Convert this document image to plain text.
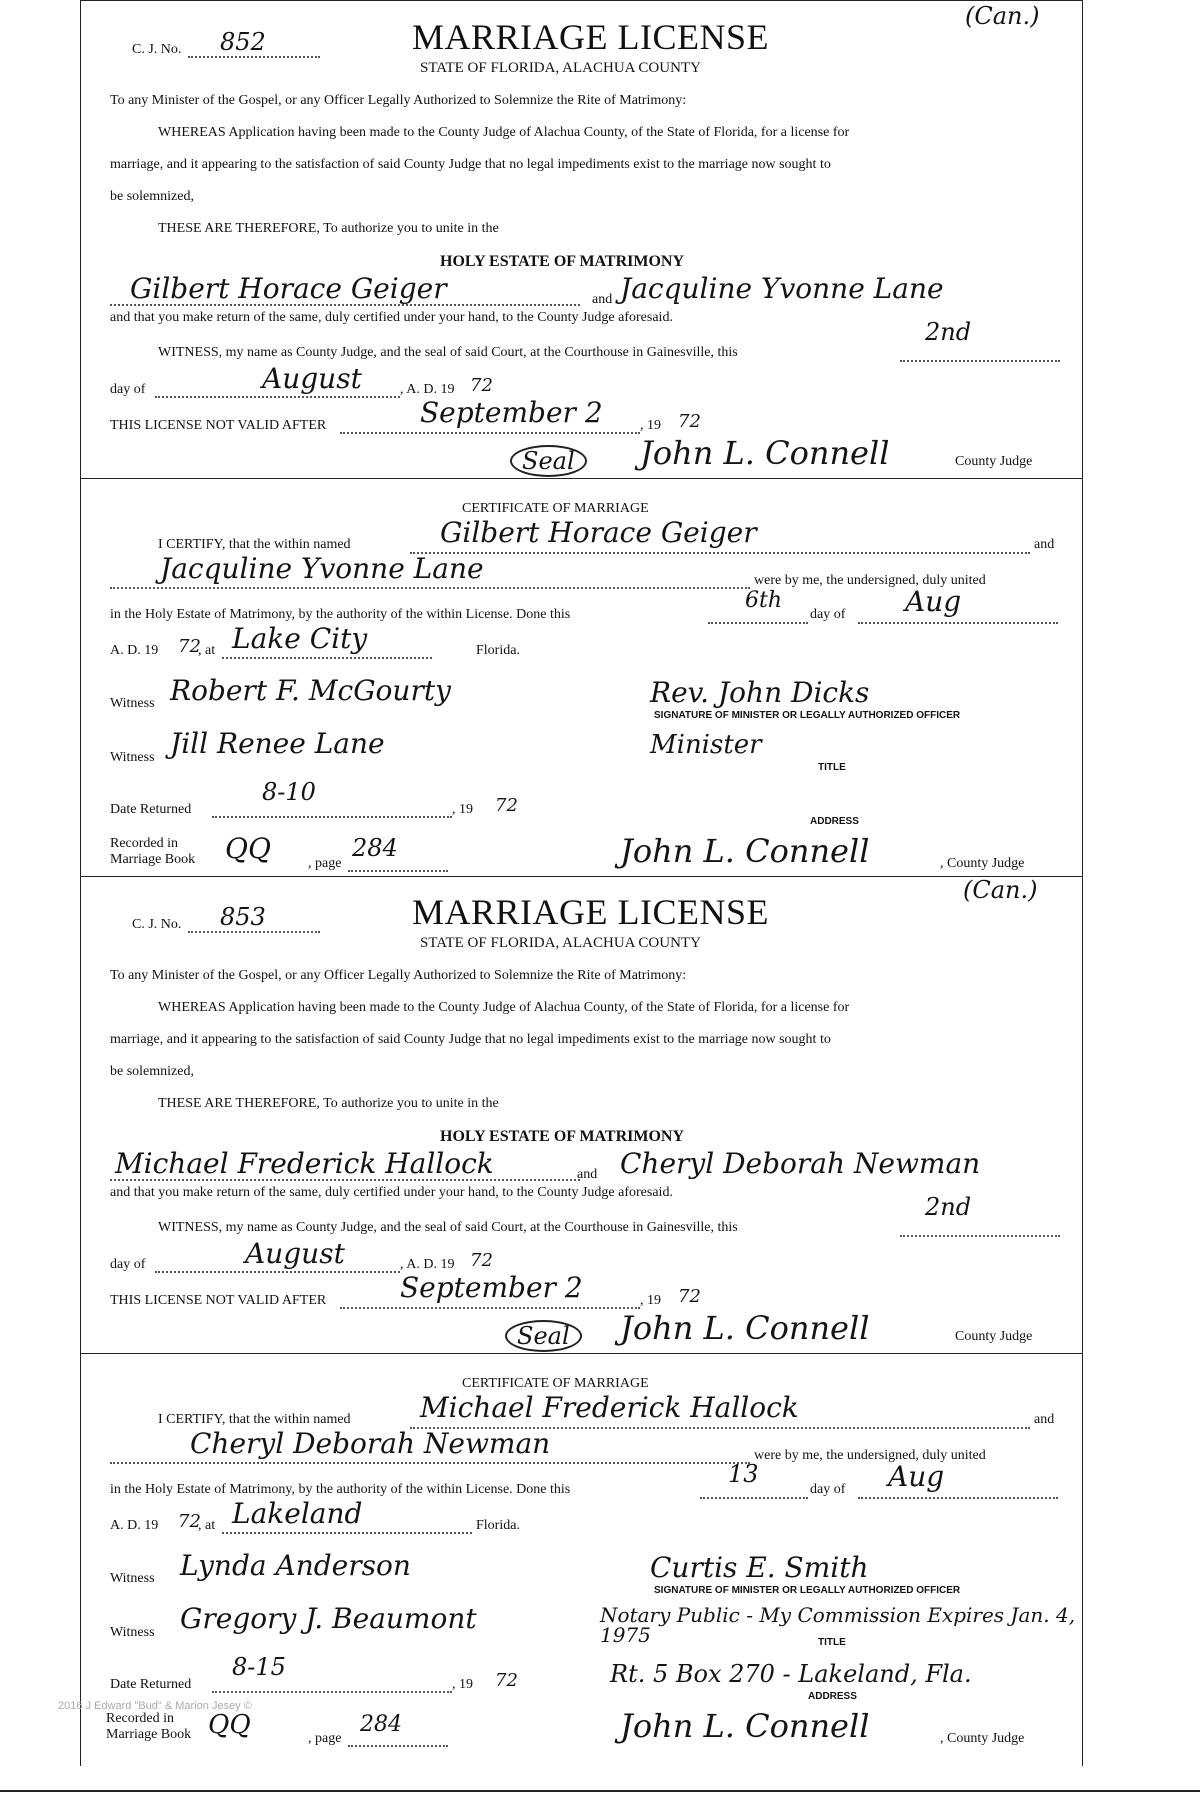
(Can.)
(Can.)
C. J. No. 852	MARRIAGE LICENSE
STATE OF FLORIDA, ALACHUA COUNTY
To any Minister of the Gospel, or any Officer Legally Authorized to Solemnize the Rite of Matrimony:
WHEREAS Application having been made to the County Judge of Alachua County, of the State of Florida, for a license for
marriage, and it appearing to the satisfaction of said County Judge that no legal impediments exist to the marriage now sought to
be solemnized,
THESE ARE THEREFORE, To authorize you to unite in the
HOLY ESTATE OF MATRIMONY
Gilbert Horace Geiger	and Jacquline Yvonne Lane
and that you make return of the same, duly certified under your hand, to the County Judge aforesaid.
WITNESS, my name as County Judge, and the seal of said Court, at the Courthouse in Gainesville, this
2nd
day of	August	, A. D. 19 72
THIS LICENSE NOT VALID AFTER	September 2	, 19 72
Seal	John L. Connell	County Judge
CERTIFICATE OF MARRIAGE
I CERTIFY, that the within named	Gilbert Horace Geiger	and
Jacquline Yvonne Lane	were by me, the undersigned, duly united
in the Holy Estate of Matrimony, by the authority of the within License. Done this
6th
day of Aug
A. D. 19 72
, at Lake City	Florida.
Witness Robert F. McGourty	Rev. John Dicks
SIGNATURE OF MINISTER OR LEGALLY AUTHORIZED OFFICER
Witness Jill Renee Lane	Minister
TITLE
Date Returned
8-10
, 19 72
ADDRESS
Recorded in
Marriage Book QQ	, page
284	John L. Connell	, County Judge
C. J. No. 853	MARRIAGE LICENSE
STATE OF FLORIDA, ALACHUA COUNTY
To any Minister of the Gospel, or any Officer Legally Authorized to Solemnize the Rite of Matrimony:
WHEREAS Application having been made to the County Judge of Alachua County, of the State of Florida, for a license for
marriage, and it appearing to the satisfaction of said County Judge that no legal impediments exist to the marriage now sought to
be solemnized,
THESE ARE THEREFORE, To authorize you to unite in the
HOLY ESTATE OF MATRIMONY
Michael Frederick Hallock	and Cheryl Deborah Newman
and that you make return of the same, duly certified under your hand, to the County Judge aforesaid.
WITNESS, my name as County Judge, and the seal of said Court, at the Courthouse in Gainesville, this
2nd
day of	August	, A. D. 19 72
THIS LICENSE NOT VALID AFTER	September 2	, 19 72
Seal	John L. Connell	County Judge
CERTIFICATE OF MARRIAGE
I CERTIFY, that the within named Michael Frederick Hallock	and
Cheryl Deborah Newman	were by me, the undersigned, duly united
in the Holy Estate of Matrimony, by the authority of the within License. Done this
13
day of Aug
A. D. 19 72
, at Lakeland	Florida.
Witness Lynda Anderson	Curtis E. Smith
SIGNATURE OF MINISTER OR LEGALLY AUTHORIZED OFFICER
Witness Gregory J. Beaumont	Notary Public - My Commission Expires Jan. 4, 1975	TITLE
Date Returned
8-15
, 19 72	Rt. 5 Box 270 - Lakeland, Fla.
ADDRESS
2016 J Edward "Bud" & Marion Jesey ©
Recorded in
Marriage Book QQ	, page
284	John L. Connell	, County Judge
